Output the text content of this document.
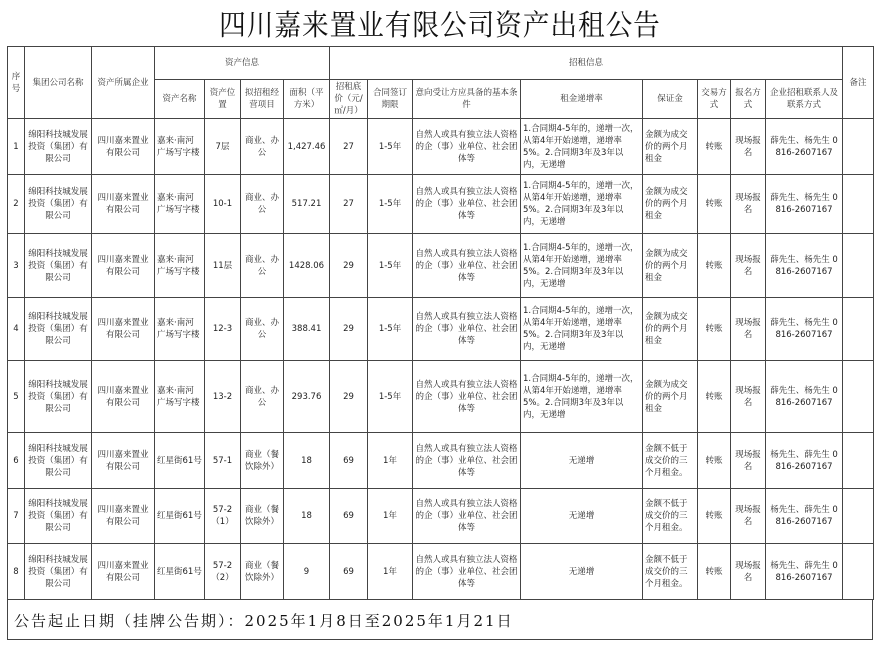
四川嘉来置业有限公司资产出租公告
序号	集团公司名称	资产所属企业	资产信息				招租信息								备注
			资产名称	资产位置	拟招租经营项目	面积（平方米）	招租底价（元/㎡/月）	合同签订期限	意向受让方应具备的基本条件	租金递增率	保证金	交易方式	报名方式	企业招租联系人及联系方式	
1	绵阳科技城发展投资（集团）有限公司	四川嘉来置业有限公司	嘉来·南河广场写字楼	7层	商业、办公	1,427.46	27	1-5年	自然人或具有独立法人资格的企（事）业单位、社会团体等	1.合同期4-5年的，递增一次，从第4年开始递增，递增率5%。2.合同期3年及3年以内，无递增	金额为成交价的两个月租金	转账	现场报名	薛先生、杨先生 0816-2607167	
2	绵阳科技城发展投资（集团）有限公司	四川嘉来置业有限公司	嘉来·南河广场写字楼	10-1	商业、办公	517.21	27	1-5年	自然人或具有独立法人资格的企（事）业单位、社会团体等	1.合同期4-5年的，递增一次，从第4年开始递增，递增率5%。2.合同期3年及3年以内，无递增	金额为成交价的两个月租金	转账	现场报名	薛先生、杨先生 0816-2607167	
3	绵阳科技城发展投资（集团）有限公司	四川嘉来置业有限公司	嘉来·南河广场写字楼	11层	商业、办公	1428.06	29	1-5年	自然人或具有独立法人资格的企（事）业单位、社会团体等	1.合同期4-5年的，递增一次，从第4年开始递增，递增率5%。2.合同期3年及3年以内，无递增	金额为成交价的两个月租金	转账	现场报名	薛先生、杨先生 0816-2607167	
4	绵阳科技城发展投资（集团）有限公司	四川嘉来置业有限公司	嘉来·南河广场写字楼	12-3	商业、办公	388.41	29	1-5年	自然人或具有独立法人资格的企（事）业单位、社会团体等	1.合同期4-5年的，递增一次，从第4年开始递增，递增率5%。2.合同期3年及3年以内，无递增	金额为成交价的两个月租金	转账	现场报名	薛先生、杨先生 0816-2607167	
5	绵阳科技城发展投资（集团）有限公司	四川嘉来置业有限公司	嘉来·南河广场写字楼	13-2	商业、办公	293.76	29	1-5年	自然人或具有独立法人资格的企（事）业单位、社会团体等	1.合同期4-5年的，递增一次，从第4年开始递增，递增率5%。2.合同期3年及3年以内，无递增	金额为成交价的两个月租金	转账	现场报名	薛先生、杨先生 0816-2607167	
6	绵阳科技城发展投资（集团）有限公司	四川嘉来置业有限公司	红星街61号	57-1	商业（餐饮除外）	18	69	1年	自然人或具有独立法人资格的企（事）业单位、社会团体等	无递增	金额不低于成交价的三个月租金。	转账	现场报名	杨先生、薛先生 0816-2607167	
7	绵阳科技城发展投资（集团）有限公司	四川嘉来置业有限公司	红星街61号	57-2（1）	商业（餐饮除外）	18	69	1年	自然人或具有独立法人资格的企（事）业单位、社会团体等	无递增	金额不低于成交价的三个月租金。	转账	现场报名	杨先生、薛先生 0816-2607167	
8	绵阳科技城发展投资（集团）有限公司	四川嘉来置业有限公司	红星街61号	57-2（2）	商业（餐饮除外）	9	69	1年	自然人或具有独立法人资格的企（事）业单位、社会团体等	无递增	金额不低于成交价的三个月租金。	转账	现场报名	杨先生、薛先生 0816-2607167	
公告起止日期（挂牌公告期）：2025年1月8日至2025年1月21日
